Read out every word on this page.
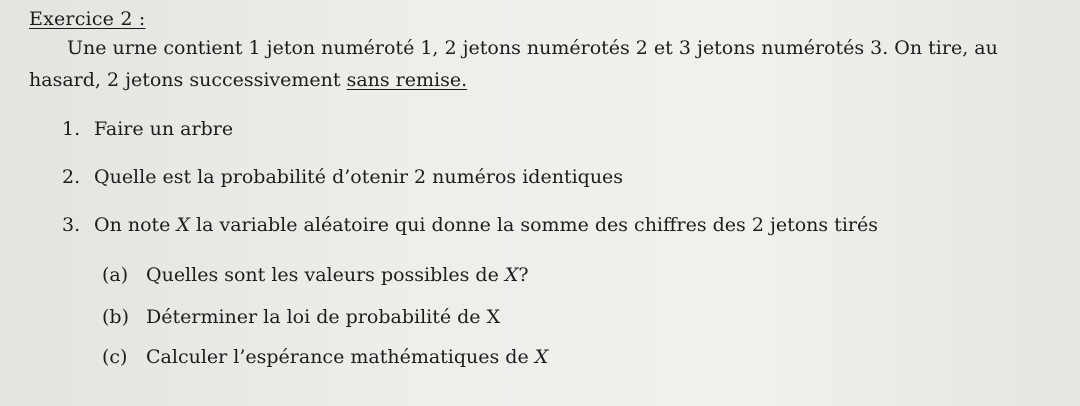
Exercice 2 :
Une urne contient 1 jeton numéroté 1, 2 jetons numérotés 2 et 3 jetons numérotés 3. On tire, au hasard, 2 jetons successivement sans remise.
1. Faire un arbre
2. Quelle est la probabilité d’otenir 2 numéros identiques
3. On note X la variable aléatoire qui donne la somme des chiffres des 2 jetons tirés
(a) Quelles sont les valeurs possibles de X?
(b) Déterminer la loi de probabilité de X
(c) Calculer l’espérance mathématiques de X
